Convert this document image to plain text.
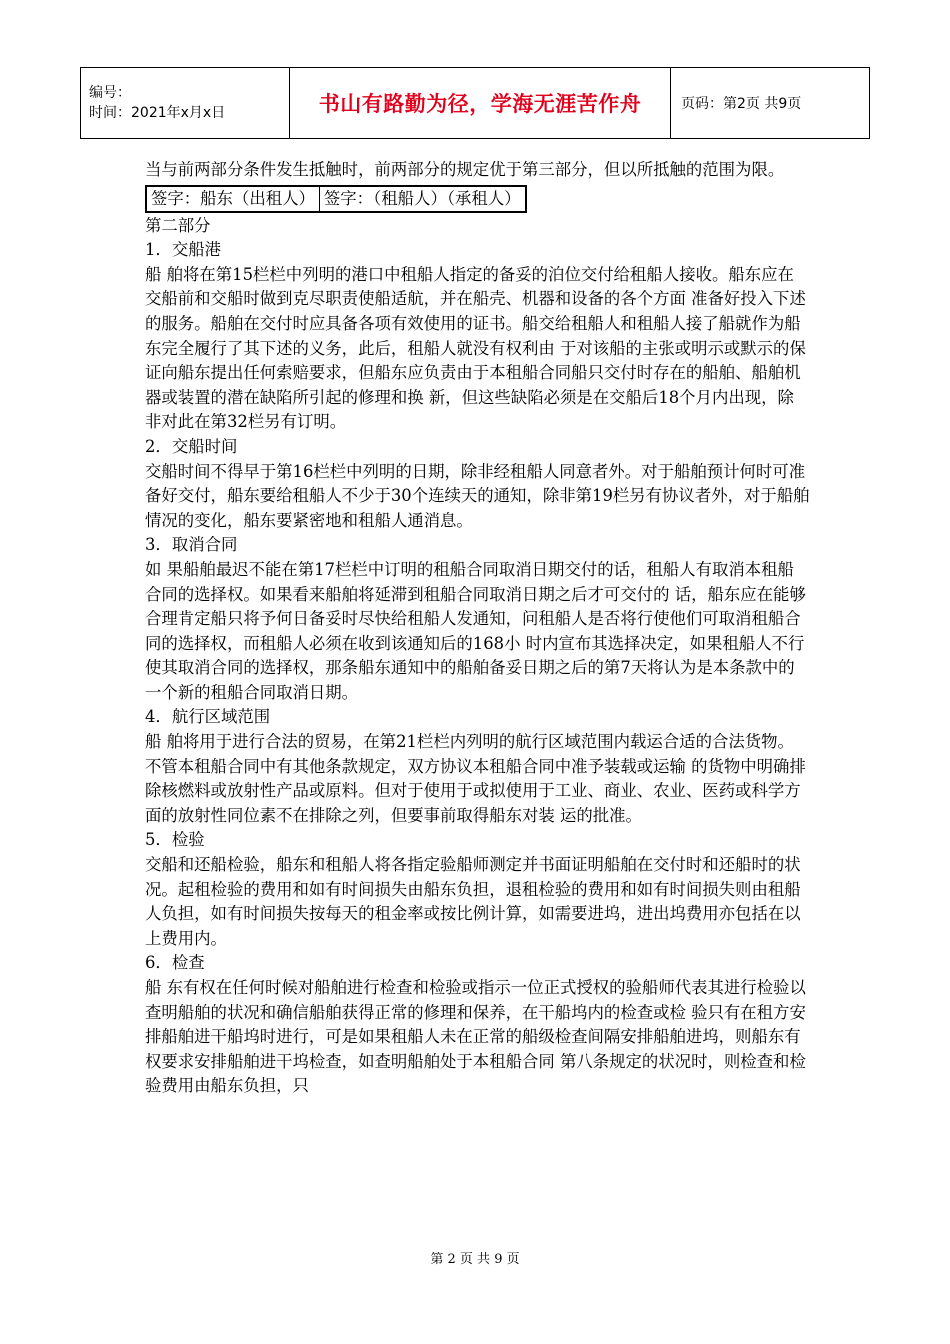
编号：
时间：2021年x月x日	书山有路勤为径，学海无涯苦作舟	页码：第2页 共9页

当与前两部分条件发生抵触时，前两部分的规定优于第三部分，但以所抵触的范围为限。

签字：船东（出租人）	签字：（租船人）（承租人）

第二部分

1．交船港

船 舶将在第15栏栏中列明的港口中租船人指定的备妥的泊位交付给租船人接收。船东应在交船前和交船时做到克尽职责使船适航，并在船壳、机器和设备的各个方面 准备好投入下述的服务。船舶在交付时应具备各项有效使用的证书。船交给租船人和租船人接了船就作为船东完全履行了其下述的义务，此后，租船人就没有权利由 于对该船的主张或明示或默示的保证向船东提出任何索赔要求，但船东应负责由于本租船合同船只交付时存在的船舶、船舶机器或装置的潜在缺陷所引起的修理和换 新，但这些缺陷必须是在交船后18个月内出现，除非对此在第32栏另有订明。

2．交船时间

交船时间不得早于第16栏栏中列明的日期，除非经租船人同意者外。对于船舶预计何时可准备好交付，船东要给租船人不少于30个连续天的通知，除非第19栏另有协议者外，对于船舶情况的变化，船东要紧密地和租船人通消息。

3．取消合同

如 果船舶最迟不能在第17栏栏中订明的租船合同取消日期交付的话，租船人有取消本租船合同的选择权。如果看来船舶将延滞到租船合同取消日期之后才可交付的 话，船东应在能够合理肯定船只将予何日备妥时尽快给租船人发通知，问租船人是否将行使他们可取消租船合同的选择权，而租船人必须在收到该通知后的168小 时内宣布其选择决定，如果租船人不行使其取消合同的选择权，那条船东通知中的船舶备妥日期之后的第7天将认为是本条款中的一个新的租船合同取消日期。

4．航行区域范围

船 舶将用于进行合法的贸易，在第21栏栏内列明的航行区域范围内载运合适的合法货物。不管本租船合同中有其他条款规定，双方协议本租船合同中准予装载或运输 的货物中明确排除核燃料或放射性产品或原料。但对于使用于或拟使用于工业、商业、农业、医药或科学方面的放射性同位素不在排除之列，但要事前取得船东对装 运的批准。

5．检验

交船和还船检验，船东和租船人将各指定验船师测定并书面证明船舶在交付时和还船时的状况。起租检验的费用和如有时间损失由船东负担，退租检验的费用和如有时间损失则由租船人负担，如有时间损失按每天的租金率或按比例计算，如需要进坞，进出坞费用亦包括在以上费用内。

6．检查

船 东有权在任何时候对船舶进行检查和检验或指示一位正式授权的验船师代表其进行检验以查明船舶的状况和确信船舶获得正常的修理和保养，在干船坞内的检查或检 验只有在租方安排船舶进干船坞时进行，可是如果租船人未在正常的船级检查间隔安排船舶进坞，则船东有权要求安排船舶进干坞检查，如查明船舶处于本租船合同 第八条规定的状况时，则检查和检验费用由船东负担，只

第 2 页 共 9 页
